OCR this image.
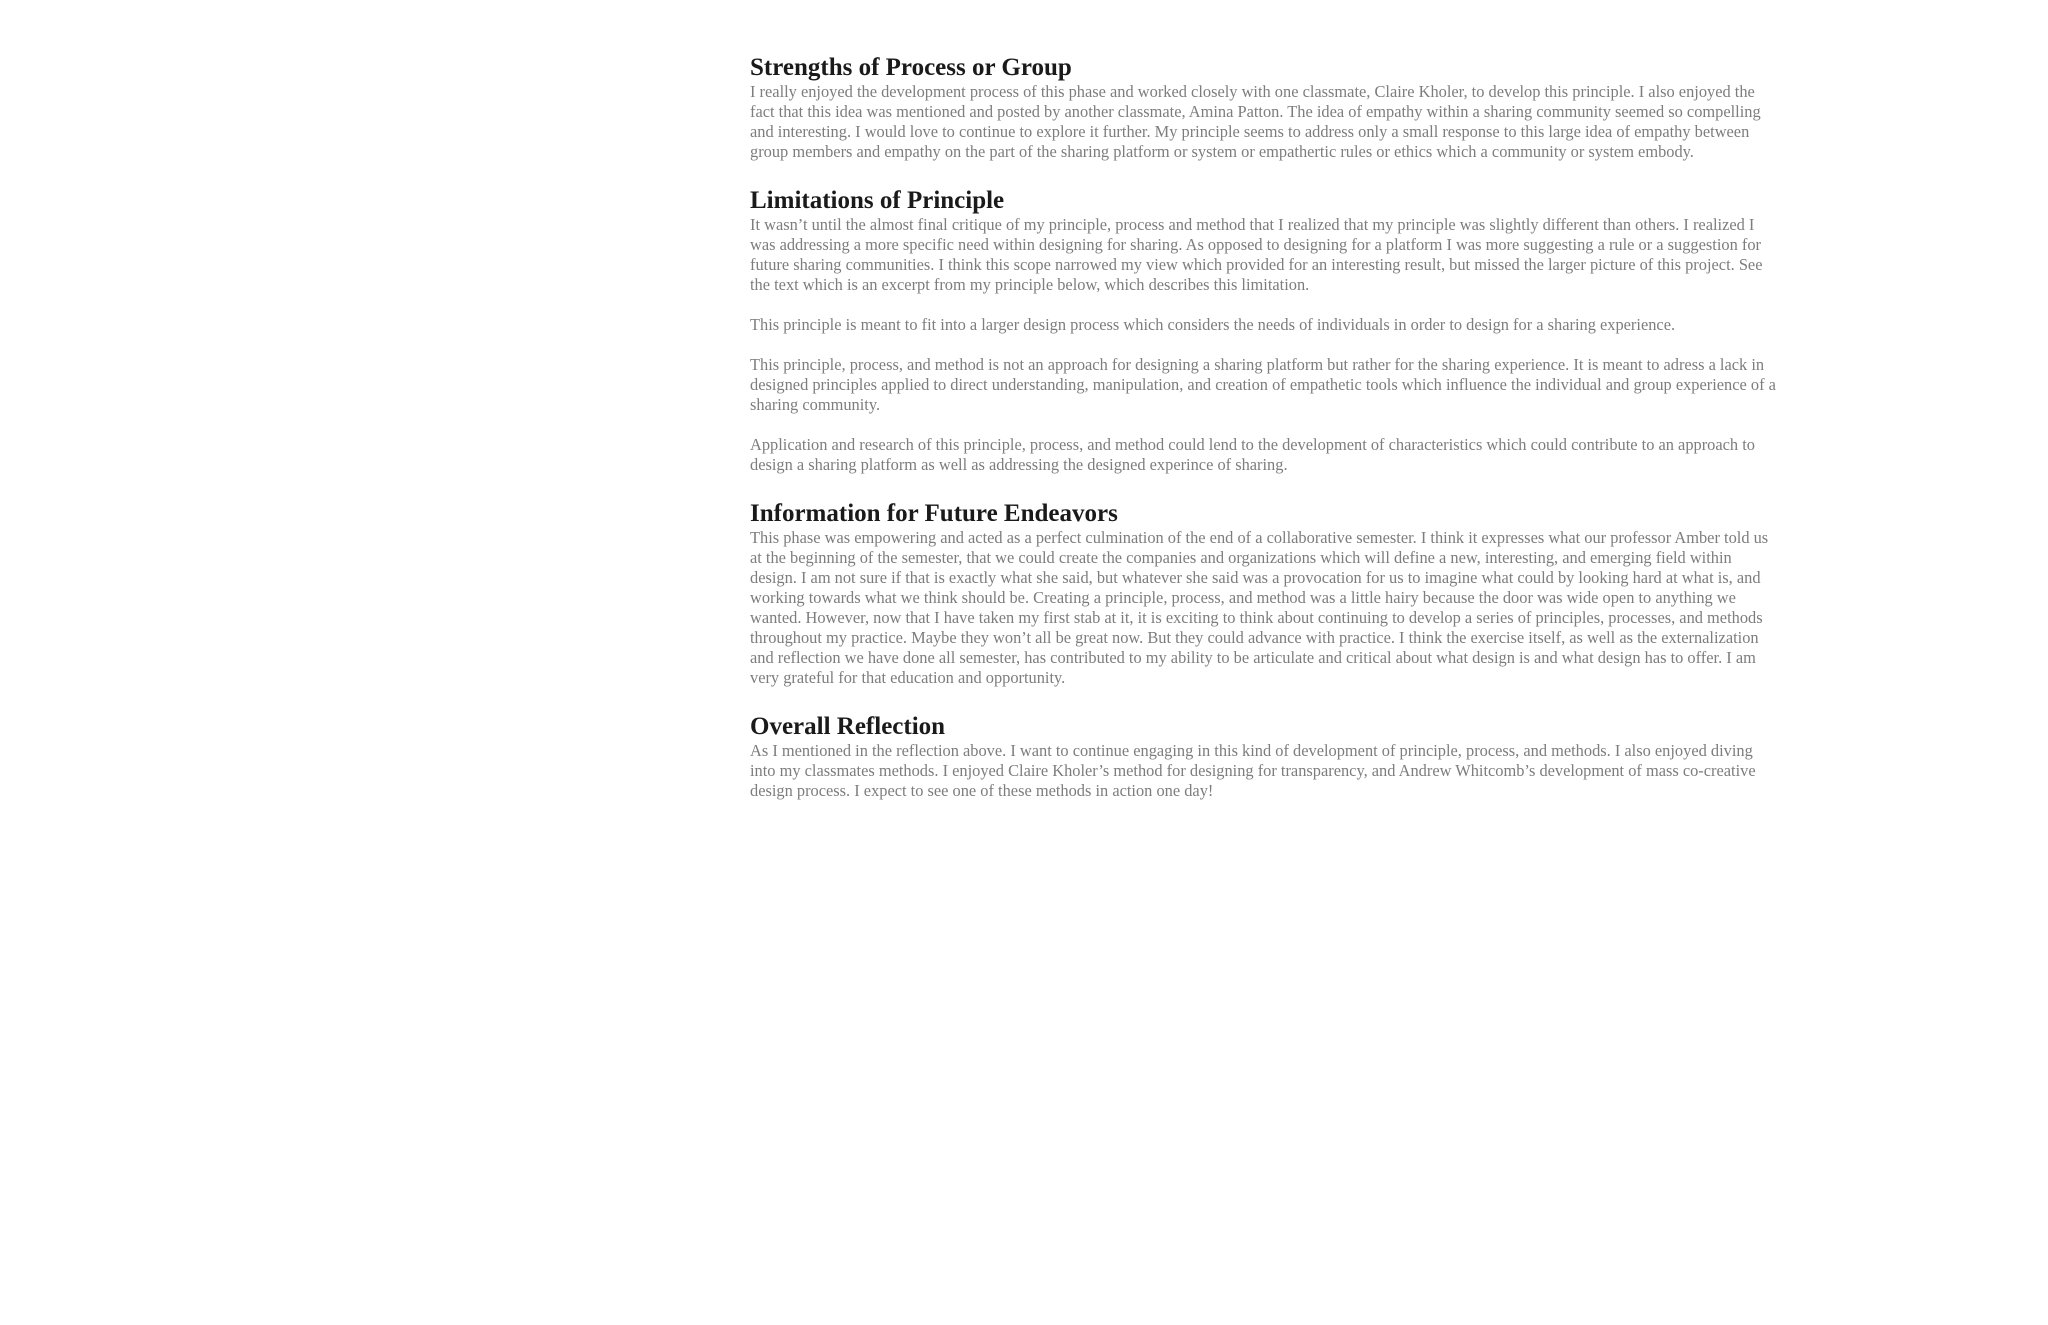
Strengths of Process or Group

I really enjoyed the development process of this phase and worked closely with one classmate, Claire Kholer, to develop this principle. I also enjoyed the fact that this idea was mentioned and posted by another classmate, Amina Patton. The idea of empathy within a sharing community seemed so compelling and interesting. I would love to continue to explore it further. My principle seems to address only a small response to this large idea of empathy between group members and empathy on the part of the sharing platform or system or empathertic rules or ethics which a community or system embody.

Limitations of Principle

It wasn’t until the almost final critique of my principle, process and method that I realized that my principle was slightly different than others. I realized I was addressing a more specific need within designing for sharing. As opposed to designing for a platform I was more suggesting a rule or a suggestion for future sharing communities. I think this scope narrowed my view which provided for an interesting result, but missed the larger picture of this project. See the text which is an excerpt from my principle below, which describes this limitation.

This principle is meant to fit into a larger design process which considers the needs of individuals in order to design for a sharing experience.

This principle, process, and method is not an approach for designing a sharing platform but rather for the sharing experience. It is meant to adress a lack in designed principles applied to direct understanding, manipulation, and creation of empathetic tools which influence the individual and group experience of a sharing community.

Application and research of this principle, process, and method could lend to the development of characteristics which could contribute to an approach to design a sharing platform as well as addressing the designed experince of sharing.

Information for Future Endeavors

This phase was empowering and acted as a perfect culmination of the end of a collaborative semester. I think it expresses what our professor Amber told us at the beginning of the semester, that we could create the companies and organizations which will define a new, interesting, and emerging field within design. I am not sure if that is exactly what she said, but whatever she said was a provocation for us to imagine what could by looking hard at what is, and working towards what we think should be. Creating a principle, process, and method was a little hairy because the door was wide open to anything we wanted. However, now that I have taken my first stab at it, it is exciting to think about continuing to develop a series of principles, processes, and methods throughout my practice. Maybe they won’t all be great now. But they could advance with practice. I think the exercise itself, as well as the externalization and reflection we have done all semester, has contributed to my ability to be articulate and critical about what design is and what design has to offer. I am very grateful for that education and opportunity.

Overall Reflection

As I mentioned in the reflection above. I want to continue engaging in this kind of development of principle, process, and methods. I also enjoyed diving into my classmates methods. I enjoyed Claire Kholer’s method for designing for transparency, and Andrew Whitcomb’s development of mass co-creative design process. I expect to see one of these methods in action one day!
